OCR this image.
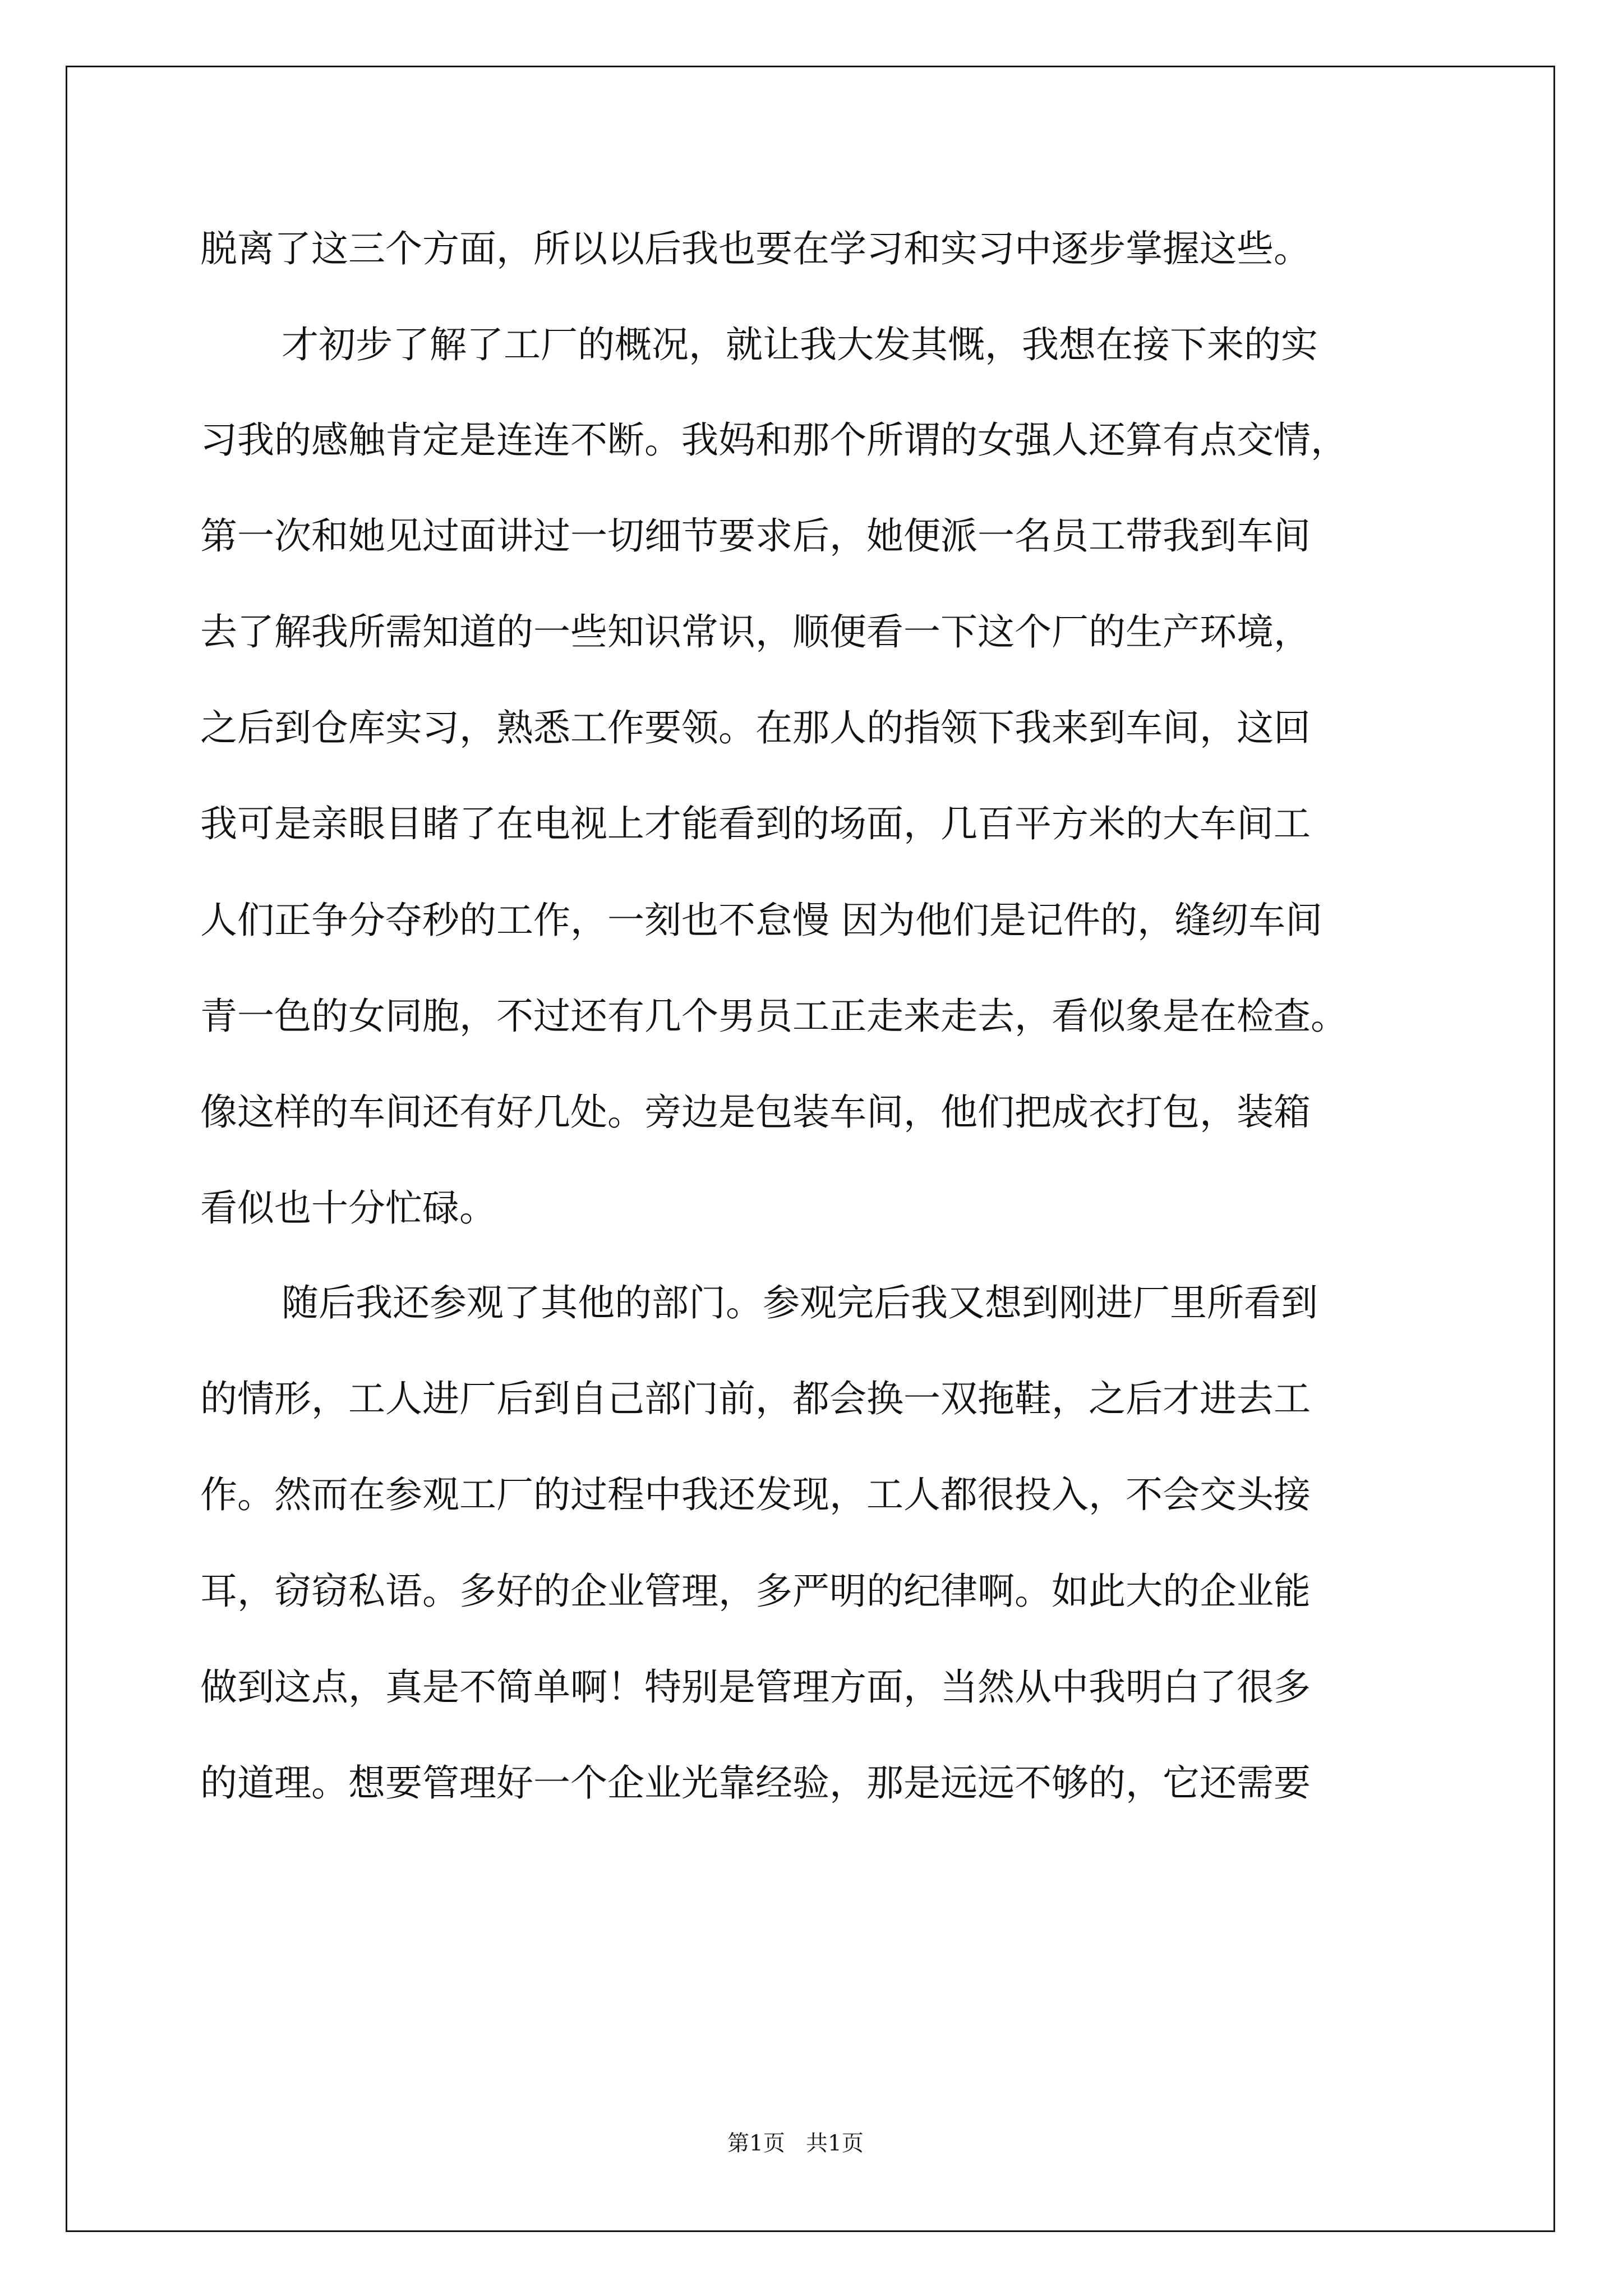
脱离了这三个方面，所以以后我也要在学习和实习中逐步掌握这些。

才初步了解了工厂的概况，就让我大发其慨，我想在接下来的实

习我的感触肯定是连连不断。我妈和那个所谓的女强人还算有点交情，

第一次和她见过面讲过一切细节要求后，她便派一名员工带我到车间

去了解我所需知道的一些知识常识，顺便看一下这个厂的生产环境，

之后到仓库实习，熟悉工作要领。在那人的指领下我来到车间，这回

我可是亲眼目睹了在电视上才能看到的场面，几百平方米的大车间工

人们正争分夺秒的工作，一刻也不怠慢 因为他们是记件的，缝纫车间

青一色的女同胞，不过还有几个男员工正走来走去，看似象是在检查。

像这样的车间还有好几处。旁边是包装车间，他们把成衣打包，装箱

看似也十分忙碌。

随后我还参观了其他的部门。参观完后我又想到刚进厂里所看到

的情形，工人进厂后到自己部门前，都会换一双拖鞋，之后才进去工

作。然而在参观工厂的过程中我还发现，工人都很投入，不会交头接

耳，窃窃私语。多好的企业管理，多严明的纪律啊。如此大的企业能

做到这点，真是不简单啊！特别是管理方面，当然从中我明白了很多

的道理。想要管理好一个企业光靠经验，那是远远不够的，它还需要

第1页   共1页
